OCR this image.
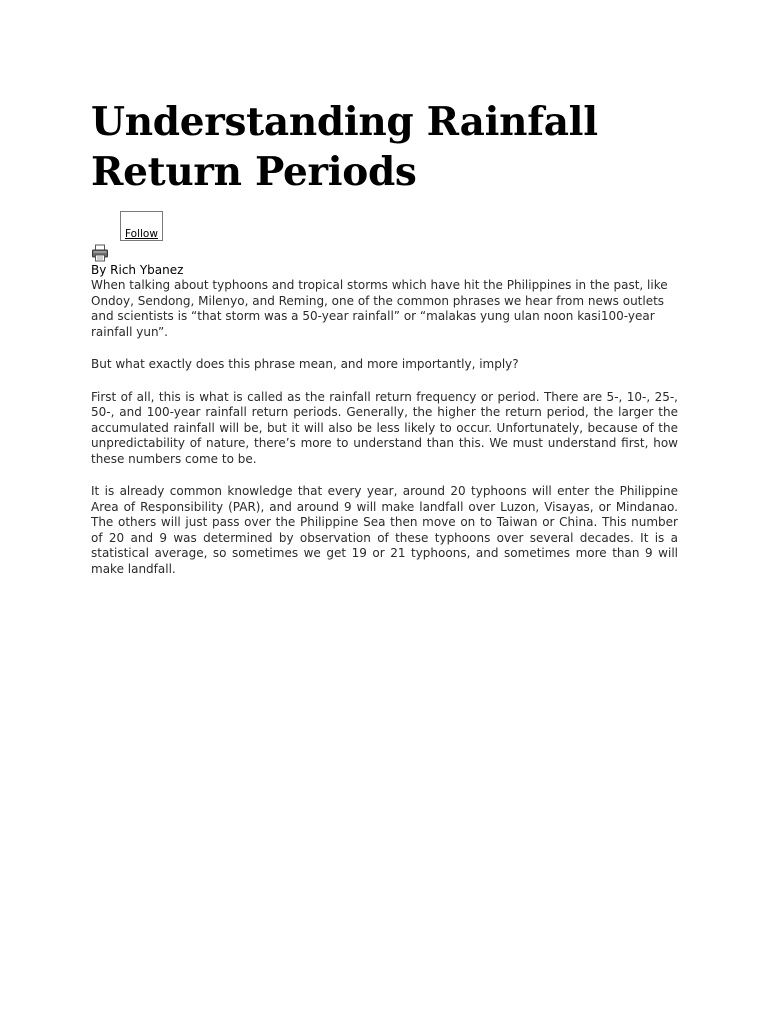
Understanding Rainfall Return Periods
Follow

By Rich Ybanez

When talking about typhoons and tropical storms which have hit the Philippines in the past, like Ondoy, Sendong, Milenyo, and Reming, one of the common phrases we hear from news outlets and scientists is “that storm was a 50-year rainfall” or “malakas yung ulan noon kasi100-year rainfall yun”.

But what exactly does this phrase mean, and more importantly, imply?

First of all, this is what is called as the rainfall return frequency or period. There are 5-, 10-, 25-, 50-, and 100-year rainfall return periods. Generally, the higher the return period, the larger the accumulated rainfall will be, but it will also be less likely to occur. Unfortunately, because of the unpredictability of nature, there’s more to understand than this. We must understand first, how these numbers come to be.

It is already common knowledge that every year, around 20 typhoons will enter the Philippine Area of Responsibility (PAR), and around 9 will make landfall over Luzon, Visayas, or Mindanao. The others will just pass over the Philippine Sea then move on to Taiwan or China. This number of 20 and 9 was determined by observation of these typhoons over several decades. It is a statistical average, so sometimes we get 19 or 21 typhoons, and sometimes more than 9 will make landfall.
